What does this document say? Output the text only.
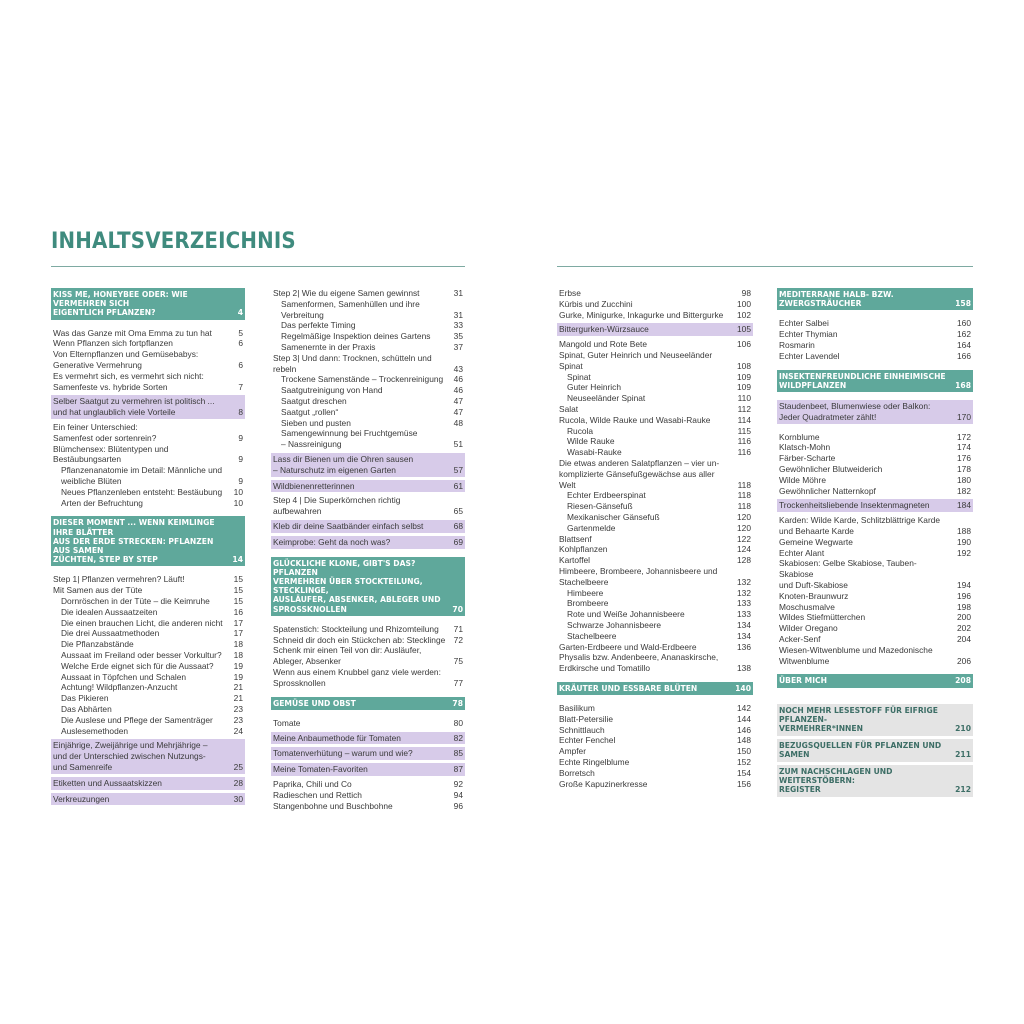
INHALTSVERZEICHNIS
KISS ME, HONEYBEE ODER: WIE VERMEHREN SICH
EIGENTLICH PFLANZEN?	4
Was das Ganze mit Oma Emma zu tun hat	5
Wenn Pflanzen sich fortpflanzen	6
Von Elternpflanzen und Gemüsebabys:
Generative Vermehrung	6
Es vermehrt sich, es vermehrt sich nicht:
Samenfeste vs. hybride Sorten	7
Selber Saatgut zu vermehren ist politisch ...
und hat unglaublich viele Vorteile	8
Ein feiner Unterschied:
Samenfest oder sortenrein?	9
Blümchensex: Blütentypen und Bestäubungsarten	9
Pflanzenanatomie im Detail: Männliche und
weibliche Blüten	9
Neues Pflanzenleben entsteht: Bestäubung	10
Arten der Befruchtung	10
DIESER MOMENT ... WENN KEIMLINGE IHRE BLÄTTER
AUS DER ERDE STRECKEN: PFLANZEN AUS SAMEN
ZÜCHTEN, STEP BY STEP	14
Step 1| Pflanzen vermehren? Läuft!	15
Mit Samen aus der Tüte	15
Dornröschen in der Tüte – die Keimruhe	15
Die idealen Aussaatzeiten	16
Die einen brauchen Licht, die anderen nicht	17
Die drei Aussaatmethoden	17
Die Pflanzabstände	18
Aussaat im Freiland oder besser Vorkultur?	18
Welche Erde eignet sich für die Aussaat?	19
Aussaat in Töpfchen und Schalen	19
Achtung! Wildpflanzen-Anzucht	21
Das Pikieren	21
Das Abhärten	23
Die Auslese und Pflege der Samenträger	23
Auslesemethoden	24
Einjährige, Zweijährige und Mehrjährige –
und der Unterschied zwischen Nutzungs-
und Samenreife	25
Etiketten und Aussaatskizzen	28
Verkreuzungen	30
Step 2| Wie du eigene Samen gewinnst	31
Samenformen, Samenhüllen und ihre
Verbreitung	31
Das perfekte Timing	33
Regelmäßige Inspektion deines Gartens	35
Samenernte in der Praxis	37
Step 3| Und dann: Trocknen, schütteln und rebeln	43
Trockene Samenstände – Trockenreinigung	46
Saatgutreinigung von Hand	46
Saatgut dreschen	47
Saatgut „rollen“	47
Sieben und pusten	48
Samengewinnung bei Fruchtgemüse
– Nassreinigung	51
Lass dir Bienen um die Ohren sausen
– Naturschutz im eigenen Garten	57
Wildbienenretterinnen	61
Step 4 | Die Superkörnchen richtig aufbewahren	65
Kleb dir deine Saatbänder einfach selbst	68
Keimprobe: Geht da noch was?	69
GLÜCKLICHE KLONE, GIBT'S DAS? PFLANZEN
VERMEHREN ÜBER STOCKTEILUNG, STECKLINGE,
AUSLÄUFER, ABSENKER, ABLEGER UND
SPROSSKNOLLEN	70
Spatenstich: Stockteilung und Rhizomteilung	71
Schneid dir doch ein Stückchen ab: Stecklinge	72
Schenk mir einen Teil von dir: Ausläufer,
Ableger, Absenker	75
Wenn aus einem Knubbel ganz viele werden:
Sprossknollen	77
GEMÜSE UND OBST	78
Tomate	80
Meine Anbaumethode für Tomaten	82
Tomatenverhütung – warum und wie?	85
Meine Tomaten-Favoriten	87
Paprika, Chili und Co	92
Radieschen und Rettich	94
Stangenbohne und Buschbohne	96
Erbse	98
Kürbis und Zucchini	100
Gurke, Minigurke, Inkagurke und Bittergurke	102
Bittergurken-Würzsauce	105
Mangold und Rote Bete	106
Spinat, Guter Heinrich und Neuseeländer Spinat	108
Spinat	109
Guter Heinrich	109
Neuseeländer Spinat	110
Salat	112
Rucola, Wilde Rauke und Wasabi-Rauke	114
Rucola	115
Wilde Rauke	116
Wasabi-Rauke	116
Die etwas anderen Salatpflanzen – vier un-
komplizierte Gänsefußgewächse aus aller Welt	118
Echter Erdbeerspinat	118
Riesen-Gänsefuß	118
Mexikanischer Gänsefuß	120
Gartenmelde	120
Blattsenf	122
Kohlpflanzen	124
Kartoffel	128
Himbeere, Brombeere, Johannisbeere und
Stachelbeere	132
Himbeere	132
Brombeere	133
Rote und Weiße Johannisbeere	133
Schwarze Johannisbeere	134
Stachelbeere	134
Garten-Erdbeere und Wald-Erdbeere	136
Physalis bzw. Andenbeere, Ananaskirsche,
Erdkirsche und Tomatillo	138
KRÄUTER UND ESSBARE BLÜTEN	140
Basilikum	142
Blatt-Petersilie	144
Schnittlauch	146
Echter Fenchel	148
Ampfer	150
Echte Ringelblume	152
Borretsch	154
Große Kapuzinerkresse	156
MEDITERRANE HALB- BZW. ZWERGSTRÄUCHER	158
Echter Salbei	160
Echter Thymian	162
Rosmarin	164
Echter Lavendel	166
INSEKTENFREUNDLICHE EINHEIMISCHE
WILDPFLANZEN	168
Staudenbeet, Blumenwiese oder Balkon:
Jeder Quadratmeter zählt!	170
Kornblume	172
Klatsch-Mohn	174
Färber-Scharte	176
Gewöhnlicher Blutweiderich	178
Wilde Möhre	180
Gewöhnlicher Natternkopf	182
Trockenheitsliebende Insektenmagneten	184
Karden: Wilde Karde, Schlitzblättrige Karde
und Behaarte Karde	188
Gemeine Wegwarte	190
Echter Alant	192
Skabiosen: Gelbe Skabiose, Tauben-Skabiose
und Duft-Skabiose	194
Knoten-Braunwurz	196
Moschusmalve	198
Wildes Stiefmütterchen	200
Wilder Oregano	202
Acker-Senf	204
Wiesen-Witwenblume und Mazedonische
Witwenblume	206
ÜBER MICH	208
NOCH MEHR LESESTOFF FÜR EIFRIGE PFLANZEN-
VERMEHRER*INNEN	210
BEZUGSQUELLEN FÜR PFLANZEN UND SAMEN	211
ZUM NACHSCHLAGEN UND WEITERSTÖBERN:
REGISTER	212
